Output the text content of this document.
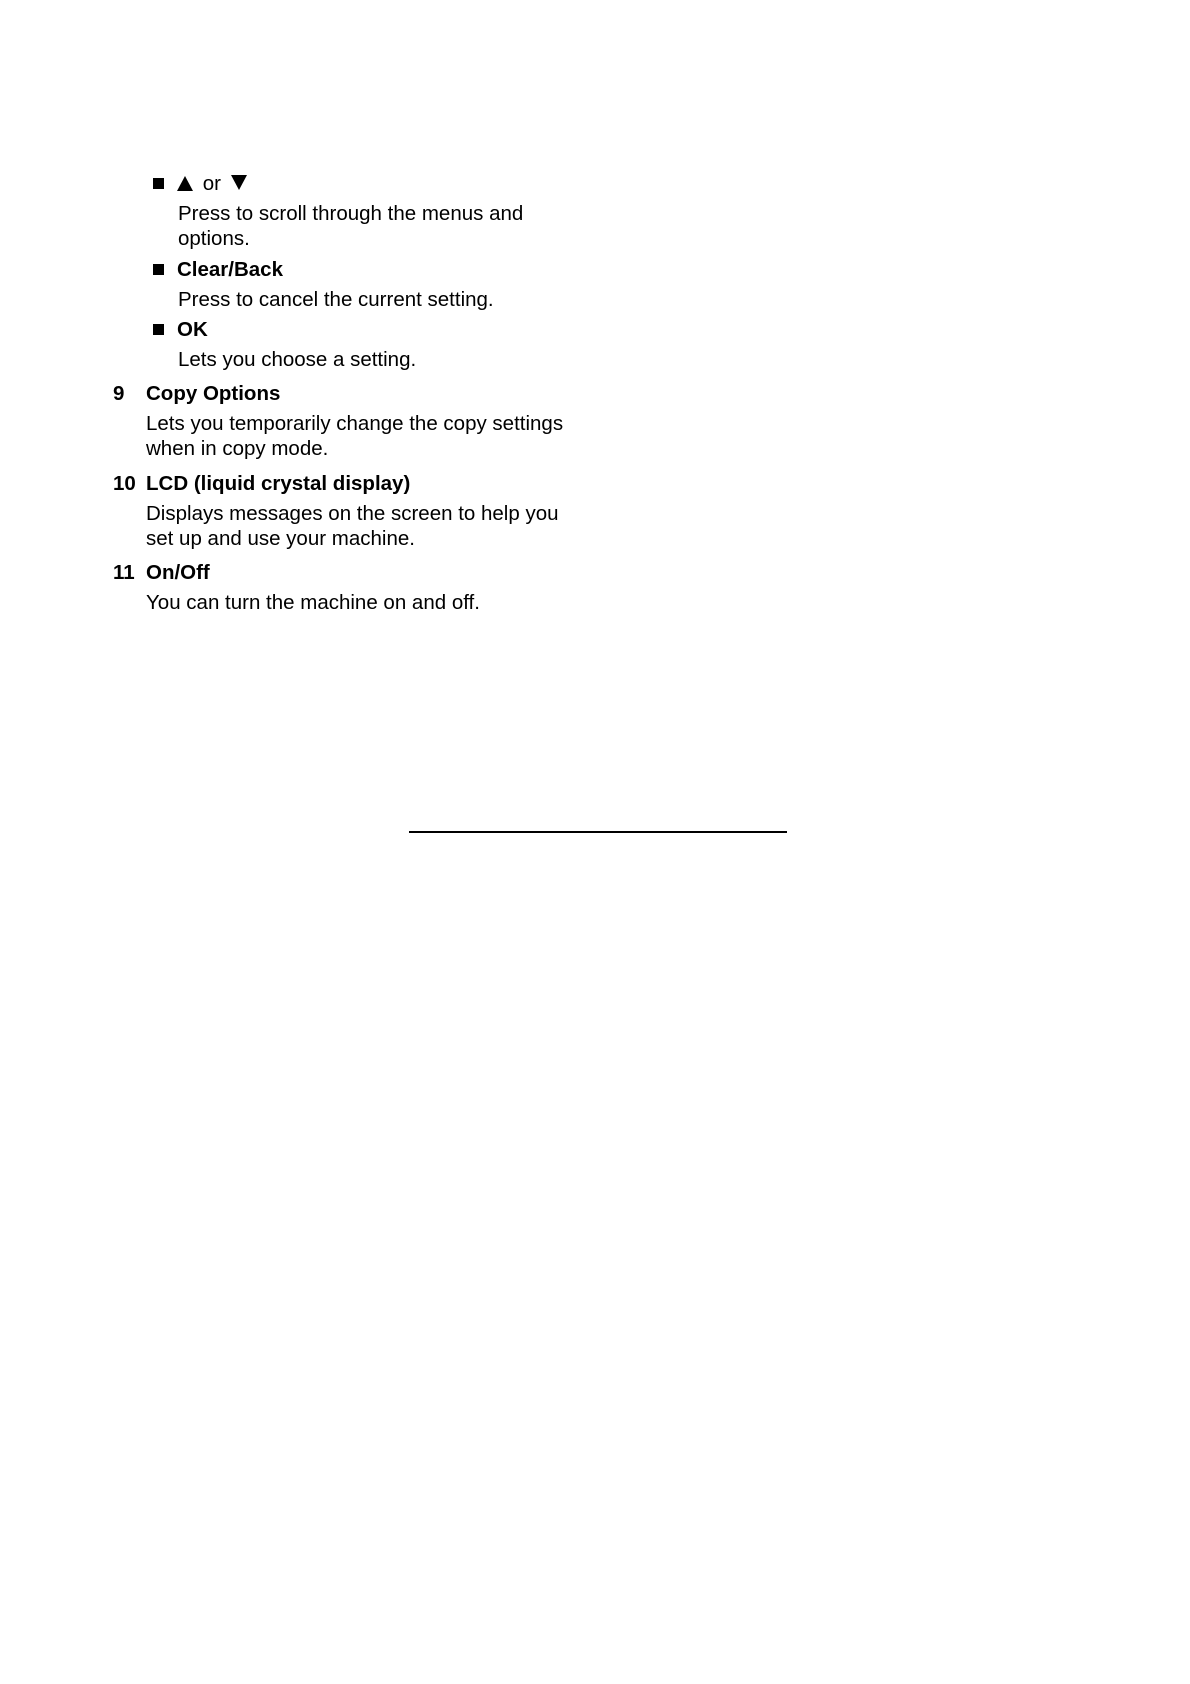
or
Press to scroll through the menus and options.
Clear/Back
Press to cancel the current setting.
OK
Lets you choose a setting.
9 Copy Options
Lets you temporarily change the copy settings when in copy mode.
10 LCD (liquid crystal display)
Displays messages on the screen to help you set up and use your machine.
11 On/Off
You can turn the machine on and off.
